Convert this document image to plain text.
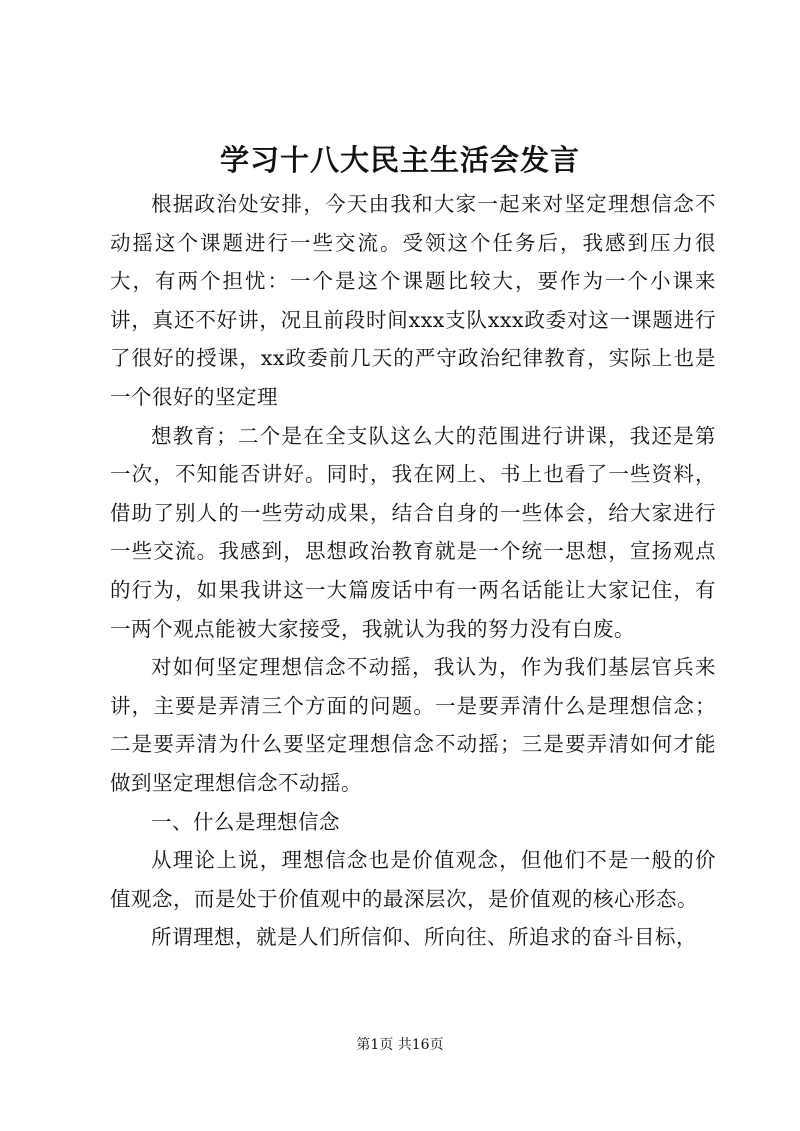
学习十八大民主生活会发言

根据政治处安排，今天由我和大家一起来对坚定理想信念不动摇这个课题进行一些交流。受领这个任务后，我感到压力很大，有两个担忧：一个是这个课题比较大，要作为一个小课来讲，真还不好讲，况且前段时间xxx支队xxx政委对这一课题进行了很好的授课，xx政委前几天的严守政治纪律教育，实际上也是一个很好的坚定理

想教育；二个是在全支队这么大的范围进行讲课，我还是第一次，不知能否讲好。同时，我在网上、书上也看了一些资料，借助了别人的一些劳动成果，结合自身的一些体会，给大家进行一些交流。我感到，思想政治教育就是一个统一思想，宣扬观点的行为，如果我讲这一大篇废话中有一两名话能让大家记住，有一两个观点能被大家接受，我就认为我的努力没有白废。

对如何坚定理想信念不动摇，我认为，作为我们基层官兵来讲，主要是弄清三个方面的问题。一是要弄清什么是理想信念；二是要弄清为什么要坚定理想信念不动摇；三是要弄清如何才能做到坚定理想信念不动摇。

一、什么是理想信念

从理论上说，理想信念也是价值观念，但他们不是一般的价值观念，而是处于价值观中的最深层次，是价值观的核心形态。

所谓理想，就是人们所信仰、所向往、所追求的奋斗目标，

第1页 共16页
